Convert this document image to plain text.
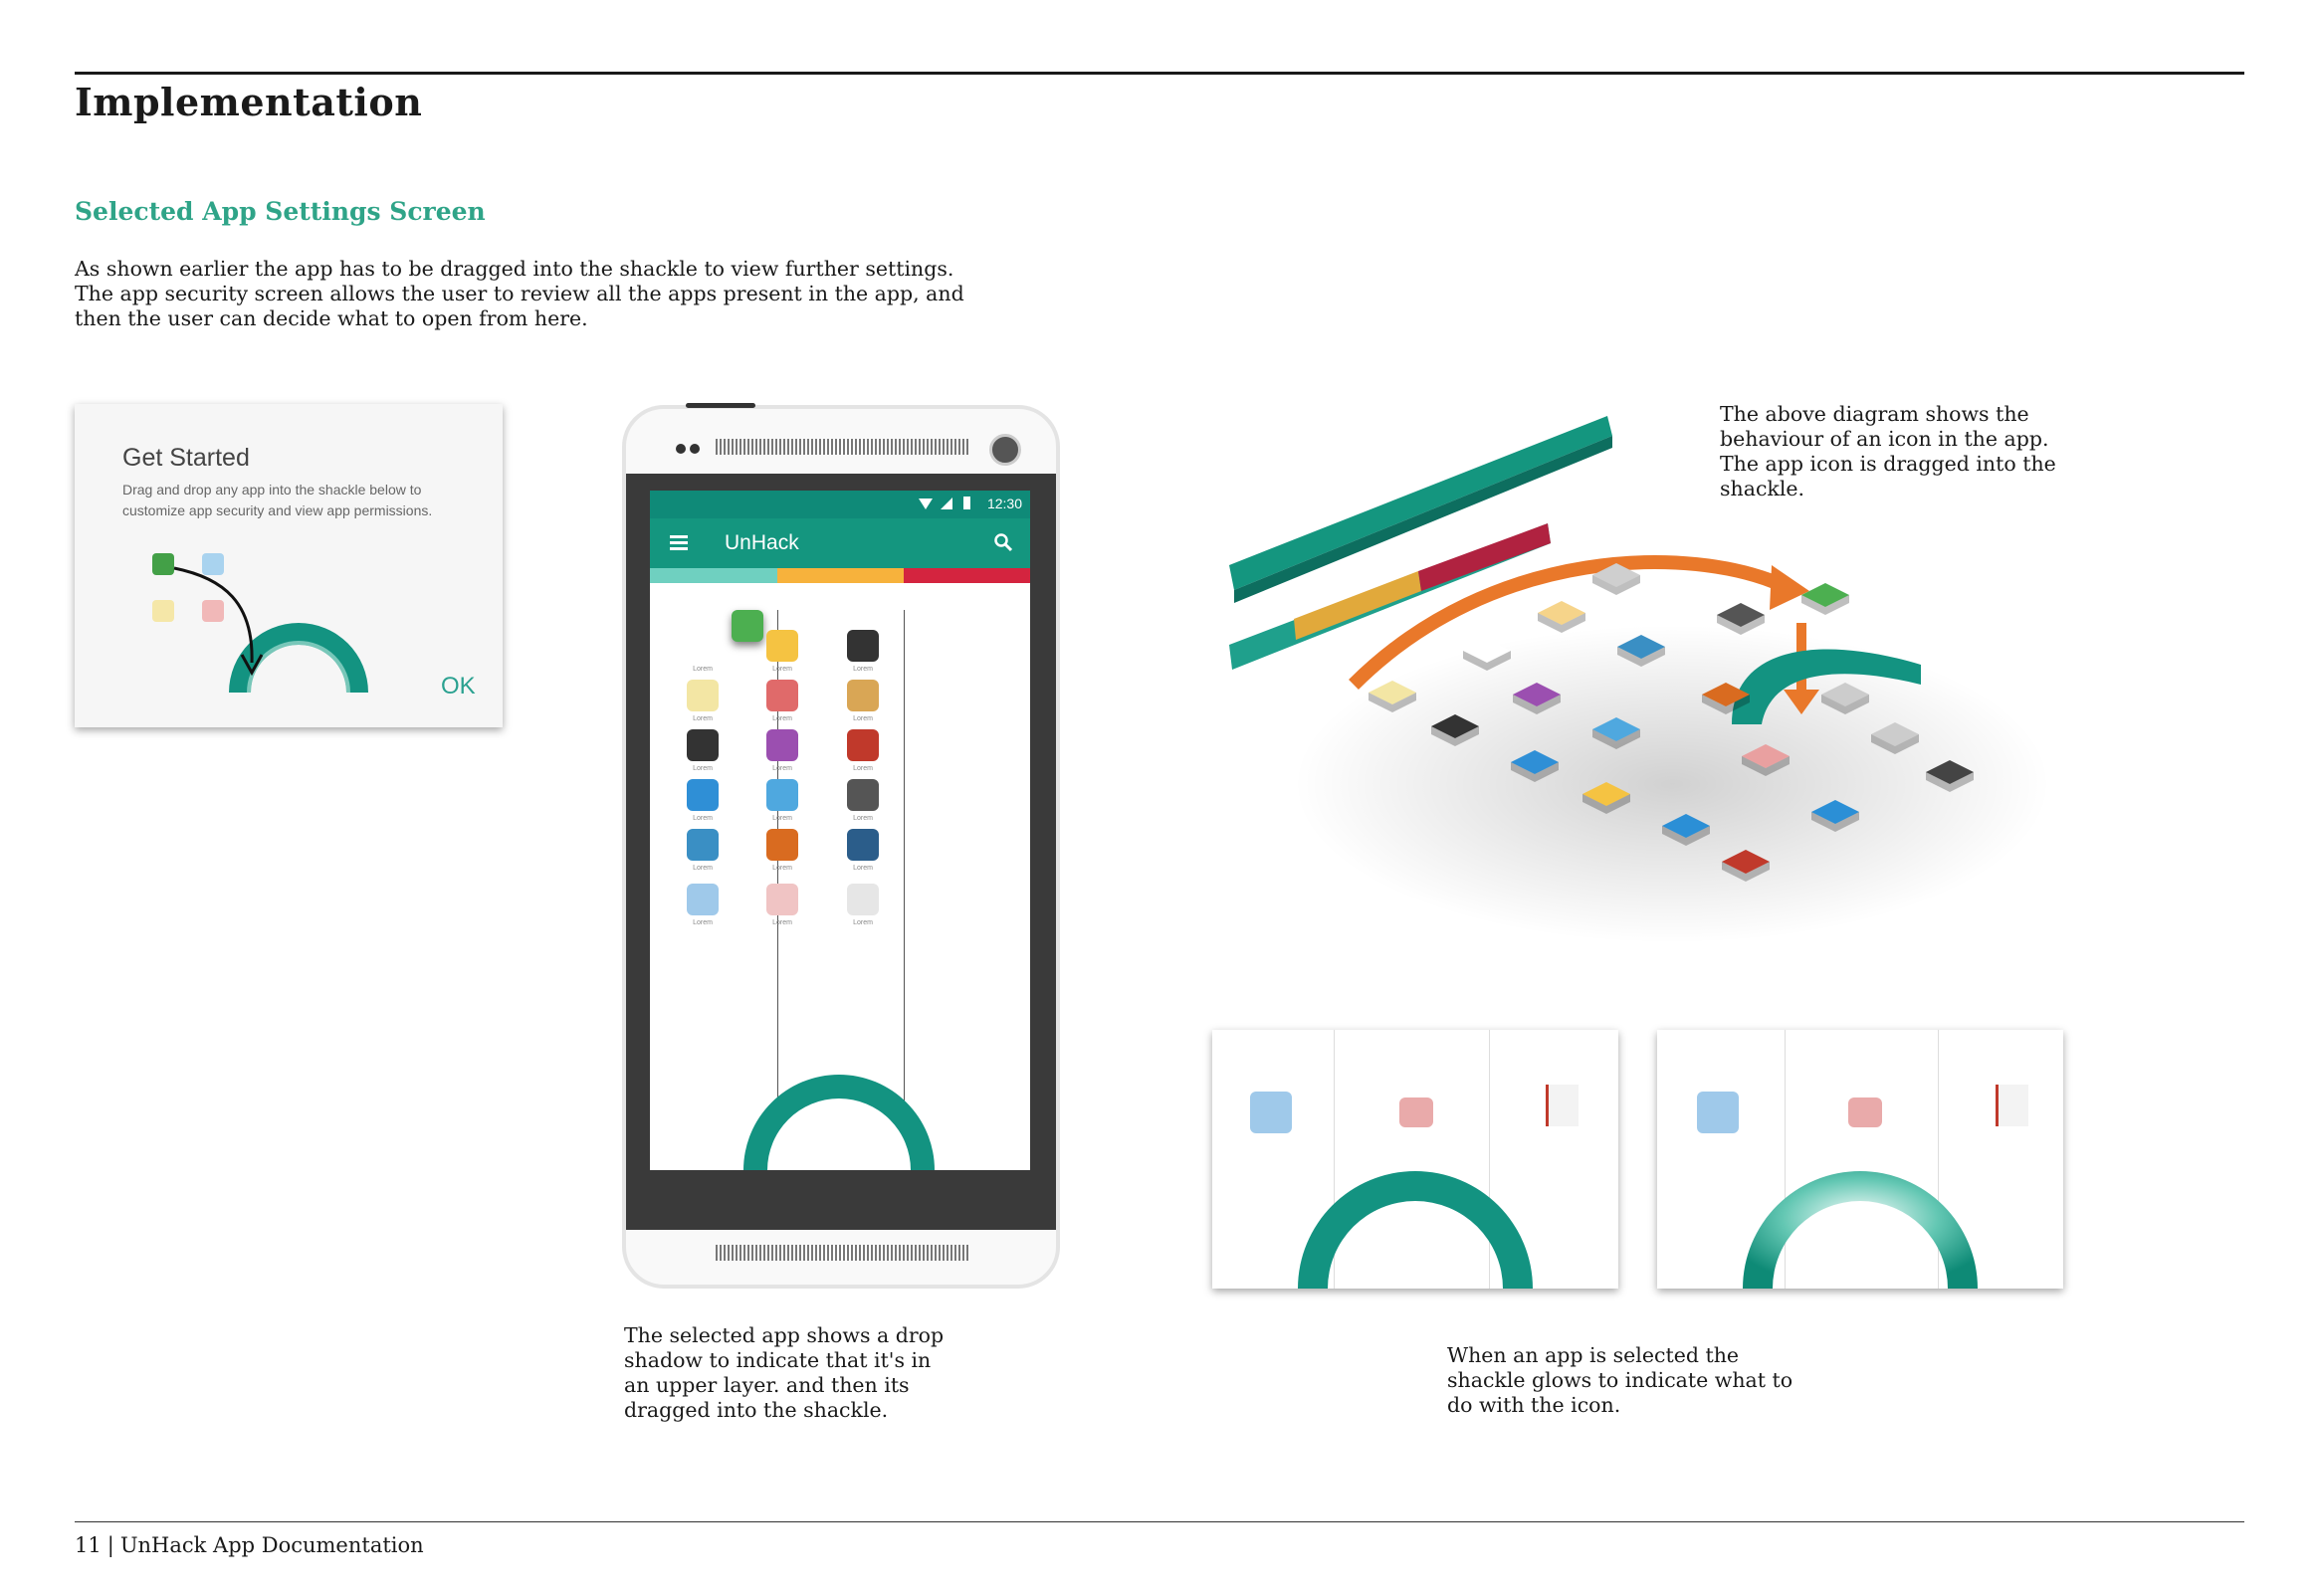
Implementation
Selected App Settings Screen
As shown earlier the app has to be dragged into the shackle to view further settings. The app security screen allows the user to review all the apps present in the app, and then the user can decide what to open from here.
Get Started
Drag and drop any app into the shackle below to customize app security and view app permissions.
OK
12:30
UnHack
Lorem
Lorem
Lorem
Lorem
Lorem
Lorem
Lorem
Lorem
Lorem
Lorem
Lorem
Lorem
Lorem
Lorem
Lorem
Lorem
Lorem
Lorem
The selected app shows a drop shadow to indicate that it's in an upper layer. and then its dragged into the shackle.
The above diagram shows the behaviour of an icon in the app. The app icon is dragged into the shackle.
When an app is selected the shackle glows to indicate what to do with the icon.
11 | UnHack App Documentation
